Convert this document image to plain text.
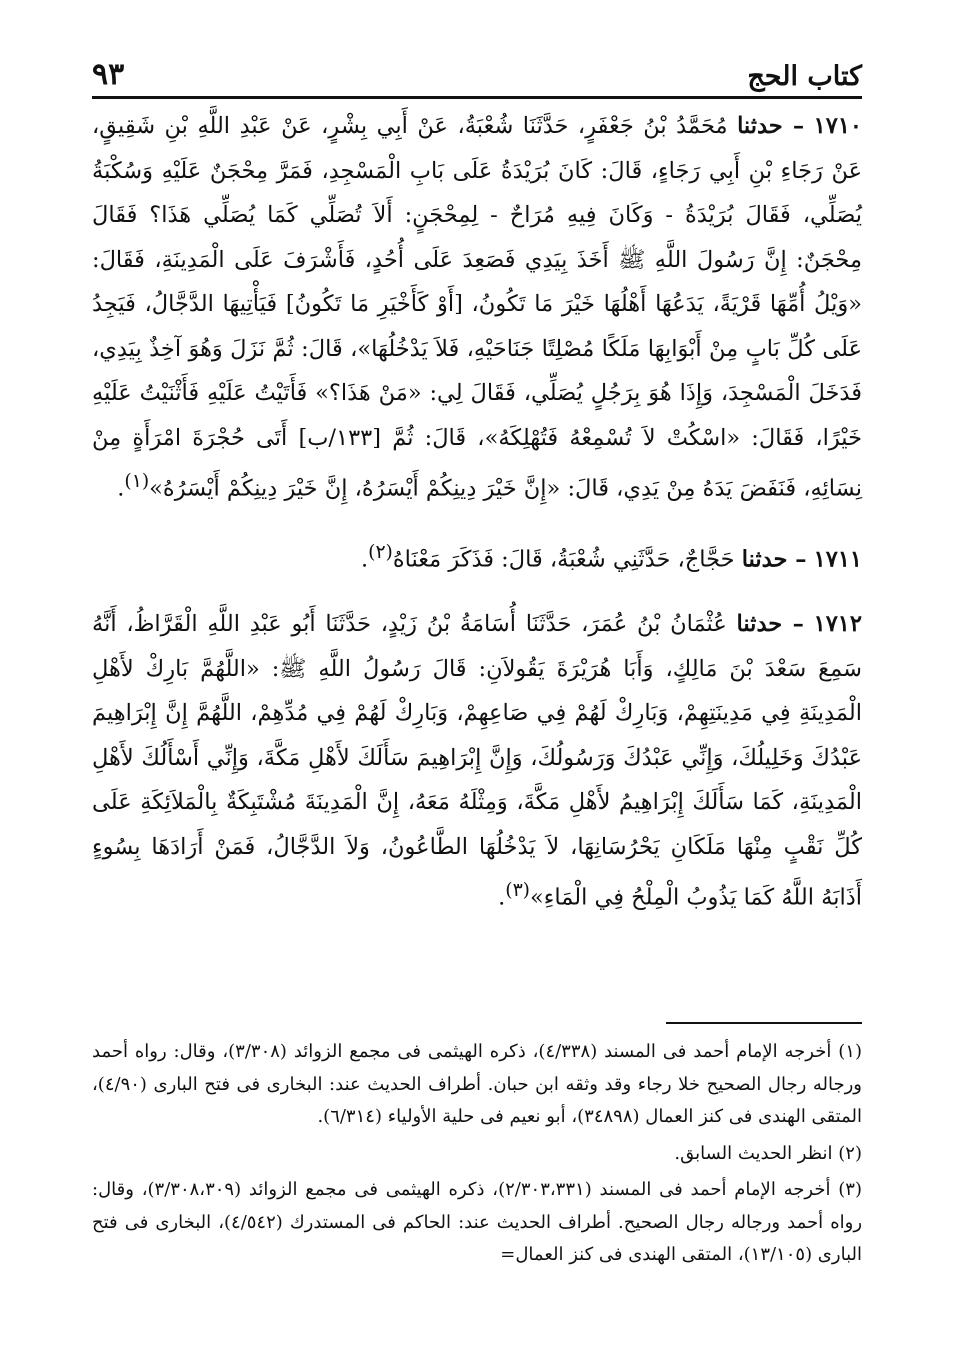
كتاب الحج
٩٣

١٧١٠ – حدثنا مُحَمَّدُ بْنُ جَعْفَرٍ، حَدَّثَنَا شُعْبَةُ، عَنْ أَبِي بِشْرٍ، عَنْ عَبْدِ اللَّهِ بْنِ شَقِيقٍ، عَنْ رَجَاءِ بْنِ أَبِي رَجَاءٍ، قَالَ: كَانَ بُرَيْدَةُ عَلَى بَابِ الْمَسْجِدِ، فَمَرَّ مِحْجَنٌ عَلَيْهِ وَسُكْبَةُ يُصَلِّي، فَقَالَ بُرَيْدَةُ - وَكَانَ فِيهِ مُرَاحٌ - لِمِحْجَنٍ: أَلاَ تُصَلِّي كَمَا يُصَلِّي هَذَا؟ فَقَالَ مِحْجَنٌ: إِنَّ رَسُولَ اللَّهِ ﷺ أَخَذَ بِيَدِي فَصَعِدَ عَلَى أُحُدٍ، فَأَشْرَفَ عَلَى الْمَدِينَةِ، فَقَالَ: «وَيْلُ أُمِّهَا قَرْيَةً، يَدَعُهَا أَهْلُهَا خَيْرَ مَا تَكُونُ، [أَوْ كَأَخْيَرِ مَا تَكُونُ] فَيَأْتِيهَا الدَّجَّالُ، فَيَجِدُ عَلَى كُلِّ بَابٍ مِنْ أَبْوَابِهَا مَلَكًا مُصْلِتًا جَنَاحَيْهِ، فَلاَ يَدْخُلُهَا»، قَالَ: ثُمَّ نَزَلَ وَهُوَ آخِذٌ بِيَدِي، فَدَخَلَ الْمَسْجِدَ، وَإِذَا هُوَ بِرَجُلٍ يُصَلِّي، فَقَالَ لِي: «مَنْ هَذَا؟» فَأَتَيْتُ عَلَيْهِ فَأَثْنَيْتُ عَلَيْهِ خَيْرًا، فَقَالَ: «اسْكُتْ لاَ تُسْمِعْهُ فَتُهْلِكَهُ»، قَالَ: ثُمَّ [١٣٣/ب] أَتَى حُجْرَةَ امْرَأَةٍ مِنْ نِسَائِهِ، فَنَفَضَ يَدَهُ مِنْ يَدِي، قَالَ: «إِنَّ خَيْرَ دِينِكُمْ أَيْسَرُهُ، إِنَّ خَيْرَ دِينِكُمْ أَيْسَرُهُ»$^{(١)}$.

١٧١١ – حدثنا حَجَّاجٌ، حَدَّثَنِي شُعْبَةُ، قَالَ: فَذَكَرَ مَعْنَاهُ$^{(٢)}$.

١٧١٢ – حدثنا عُثْمَانُ بْنُ عُمَرَ، حَدَّثَنَا أُسَامَةُ بْنُ زَيْدٍ، حَدَّثَنَا أَبُو عَبْدِ اللَّهِ الْقَرَّاظُ، أَنَّهُ سَمِعَ سَعْدَ بْنَ مَالِكٍ، وَأَبَا هُرَيْرَةَ يَقُولاَنِ: قَالَ رَسُولُ اللَّهِ ﷺ: «اللَّهُمَّ بَارِكْ لأَهْلِ الْمَدِينَةِ فِي مَدِينَتِهِمْ، وَبَارِكْ لَهُمْ فِي صَاعِهِمْ، وَبَارِكْ لَهُمْ فِي مُدِّهِمْ، اللَّهُمَّ إِنَّ إِبْرَاهِيمَ عَبْدُكَ وَخَلِيلُكَ، وَإِنِّي عَبْدُكَ وَرَسُولُكَ، وَإِنَّ إِبْرَاهِيمَ سَأَلَكَ لأَهْلِ مَكَّةَ، وَإِنِّي أَسْأَلُكَ لأَهْلِ الْمَدِينَةِ، كَمَا سَأَلَكَ إِبْرَاهِيمُ لأَهْلِ مَكَّةَ، وَمِثْلَهُ مَعَهُ، إِنَّ الْمَدِينَةَ مُشْتَبِكَةٌ بِالْمَلاَئِكَةِ عَلَى كُلِّ نَقْبٍ مِنْهَا مَلَكَانِ يَحْرُسَانِهَا، لاَ يَدْخُلُهَا الطَّاعُونُ، وَلاَ الدَّجَّالُ، فَمَنْ أَرَادَهَا بِسُوءٍ أَذَابَهُ اللَّهُ كَمَا يَذُوبُ الْمِلْحُ فِي الْمَاءِ»$^{(٣)}$.

(١) أخرجه الإمام أحمد فى المسند (٤/٣٣٨)، ذكره الهيثمى فى مجمع الزوائد (٣/٣٠٨)، وقال: رواه أحمد ورجاله رجال الصحيح خلا رجاء وقد وثقه ابن حبان. أطراف الحديث عند: البخارى فى فتح البارى (٤/٩٠)، المتقى الهندى فى كنز العمال (٣٤٨٩٨)، أبو نعيم فى حلية الأولياء (٦/٣١٤).

(٢) انظر الحديث السابق.

(٣) أخرجه الإمام أحمد فى المسند (٢/٣٠٣،٣٣١)، ذكره الهيثمى فى مجمع الزوائد (٣/٣٠٨،٣٠٩)، وقال: رواه أحمد ورجاله رجال الصحيح. أطراف الحديث عند: الحاكم فى المستدرك (٤/٥٤٢)، البخارى فى فتح البارى (١٣/١٠٥)، المتقى الهندى فى كنز العمال=
